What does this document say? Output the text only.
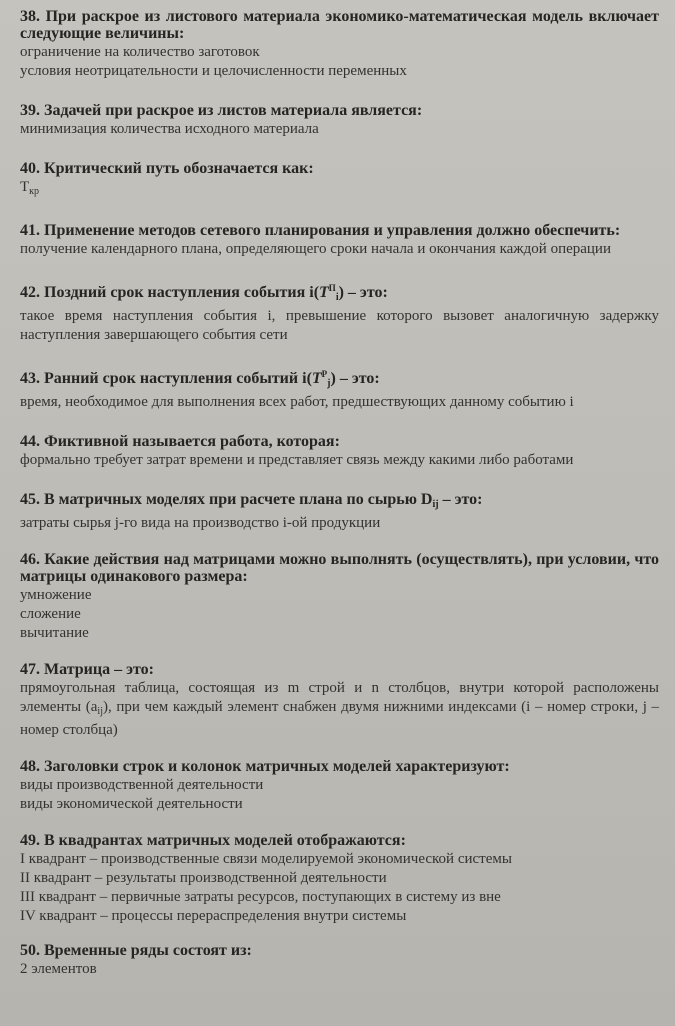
38. При раскрое из листового материала экономико-математическая модель включает следующие величины:
ограничение на количество заготовок
условия неотрицательности и целочисленности переменных
39. Задачей при раскрое из листов материала является:
минимизация количества исходного материала
40. Критический путь обозначается как:
$Т_{кр}$
41. Применение методов сетевого планирования и управления должно обеспечить:
получение календарного плана, определяющего сроки начала и окончания каждой операции
42. Поздний срок наступления события $i(T^П_i)$ – это:
такое время наступления события i, превышение которого вызовет аналогичную задержку наступления завершающего события сети
43. Ранний срок наступления событий $i(T^P_j)$ – это:
время, необходимое для выполнения всех работ, предшествующих данному событию i
44. Фиктивной называется работа, которая:
формально требует затрат времени и представляет связь между какими либо работами
45. В матричных моделях при расчете плана по сырью $D_{ij}$ – это:
затраты сырья j-го вида на производство i-ой продукции
46. Какие действия над матрицами можно выполнять (осуществлять), при условии, что матрицы одинакового размера:
умножение
сложение
вычитание
47. Матрица – это:
прямоугольная таблица, состоящая из m строй и n столбцов, внутри которой расположены элементы $(a_{ij})$, при чем каждый элемент снабжен двумя нижними индексами (i – номер строки, j – номер столбца)
48. Заголовки строк и колонок матричных моделей характеризуют:
виды производственной деятельности
виды экономической деятельности
49. В квадрантах матричных моделей отображаются:
I квадрант – производственные связи моделируемой экономической системы
II квадрант – результаты производственной деятельности
III квадрант – первичные затраты ресурсов, поступающих в систему из вне
IV квадрант – процессы перераспределения внутри системы
50. Временные ряды состоят из:
2 элементов
